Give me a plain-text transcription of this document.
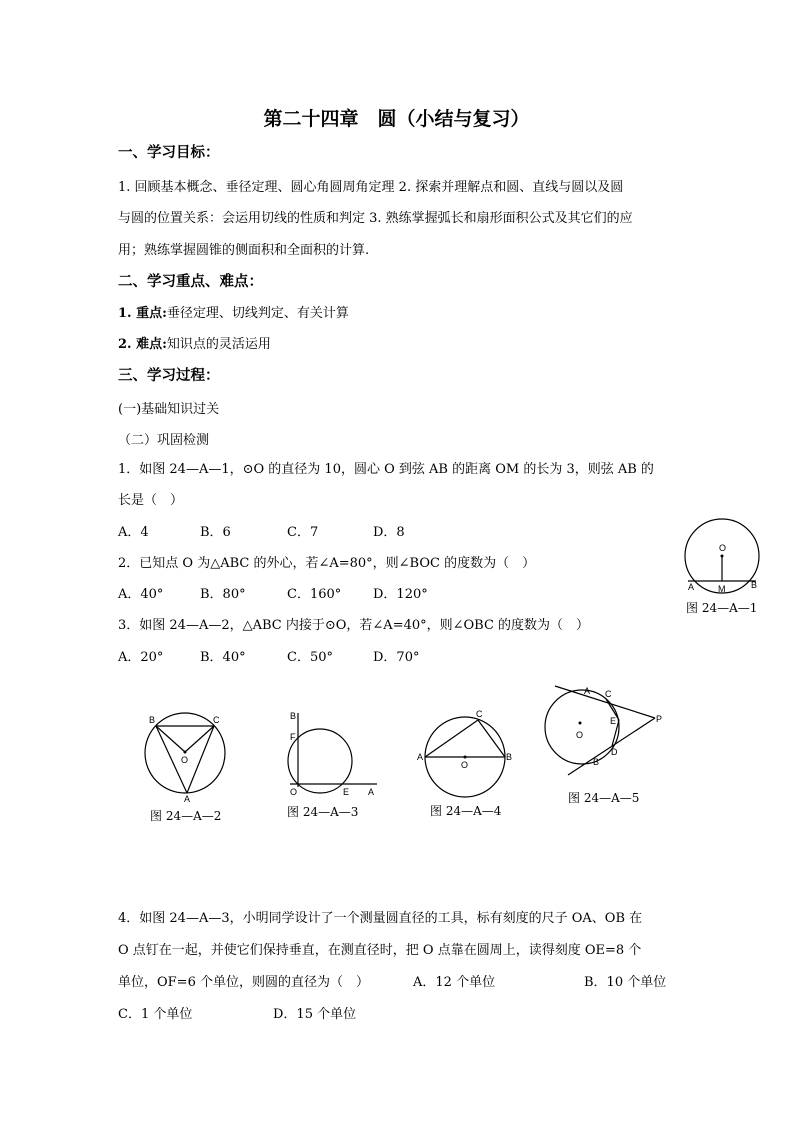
第二十四章　圆（小结与复习）
一、学习目标：
1. 回顾基本概念、垂径定理、圆心角圆周角定理 2. 探索并理解点和圆、直线与圆以及圆
与圆的位置关系：会运用切线的性质和判定 3. 熟练掌握弧长和扇形面积公式及其它们的应
用；熟练掌握圆锥的侧面积和全面积的计算.
二、学习重点、难点：
1. 重点:垂径定理、切线判定、有关计算
2. 难点:知识点的灵活运用
三、学习过程：
(一)基础知识过关
（二）巩固检测
1．如图 24—A—1，⊙O 的直径为 10，圆心 O 到弦 AB 的距离 OM 的长为 3，则弦 AB 的
长是（　）
A．4	B．6	C．7	D．8
2．已知点 O 为△ABC 的外心，若∠A=80°，则∠BOC 的度数为（　）
A．40°	B．80°	C．160° D．120°
3．如图 24—A—2，△ABC 内接于⊙O，若∠A=40°，则∠OBC 的度数为（　）
A．20°	B．40°	C．50°	D．70°
O
A	M	B
图 24—A—1
B	C
O
A
图 24—A—2
B
F
O	E A
图 24—A—3
C
A
O
B
图 24—A—4
A C
O
E	P
D
B
图 24—A—5
4．如图 24—A—3，小明同学设计了一个测量圆直径的工具，标有刻度的尺子 OA、OB 在
O 点钉在一起，并使它们保持垂直，在测直径时，把 O 点靠在圆周上，读得刻度 OE=8 个
单位，OF=6 个单位，则圆的直径为（　）	A．12 个单位	B．10 个单位
C．1 个单位	D．15 个单位
